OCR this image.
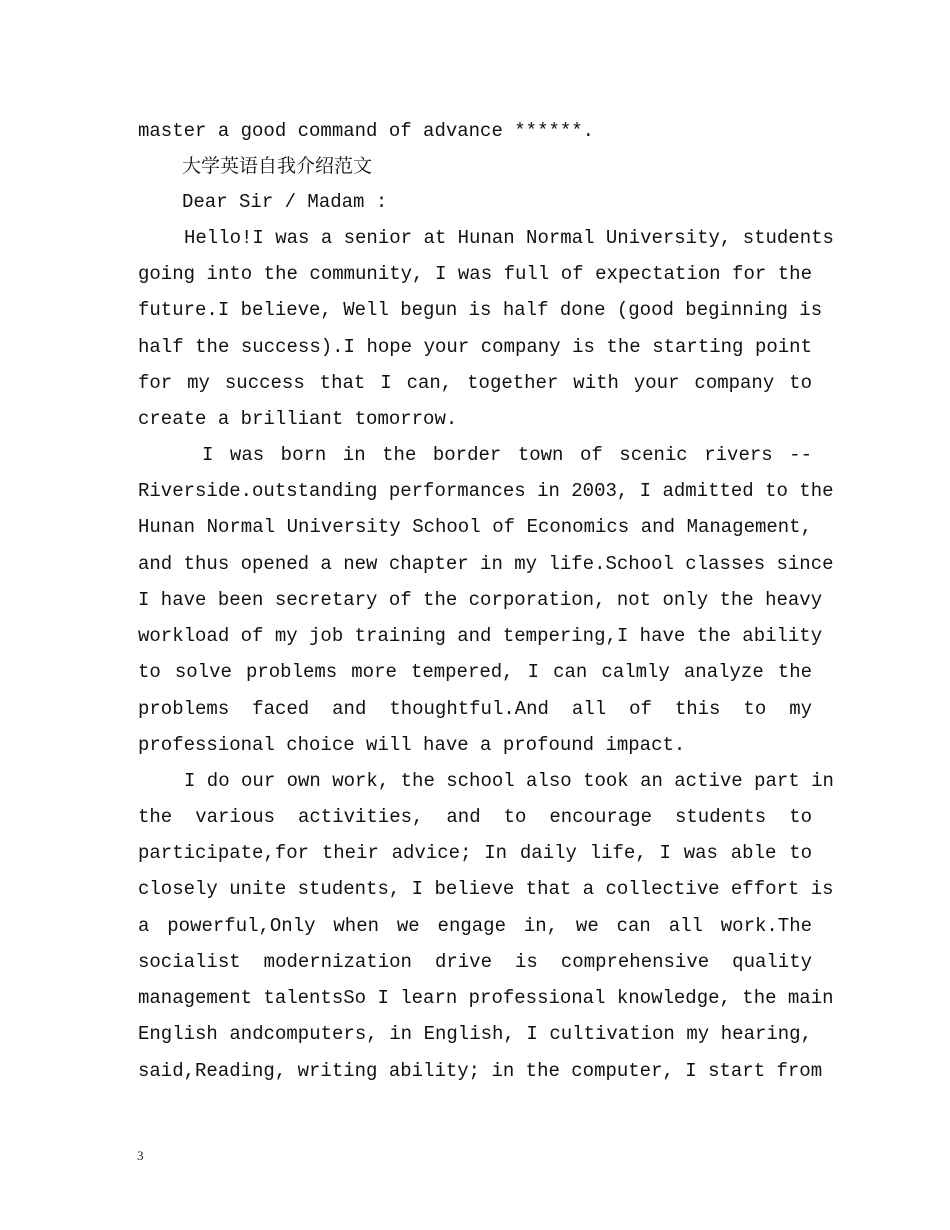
master a good command of advance ******.
大学英语自我介绍范文
Dear Sir / Madam :
Hello!I was a senior at Hunan Normal University, students
going into the community, I was full of expectation for the
future.I believe, Well begun is half done (good beginning is
half the success).I hope your company is the starting point
for my success that I can, together with your company to
create a brilliant tomorrow.
I was born in the border town of scenic rivers --
Riverside.outstanding performances in 2003, I admitted to the
Hunan Normal University School of Economics and Management,
and thus opened a new chapter in my life.School classes since
I have been secretary of the corporation, not only the heavy
workload of my job training and tempering,I have the ability
to solve problems more tempered, I can calmly analyze the
problems faced and thoughtful.And all of this to my
professional choice will have a profound impact.
I do our own work, the school also took an active part in
the various activities, and to encourage students to
participate,for their advice; In daily life, I was able to
closely unite students, I believe that a collective effort is
a powerful,Only when we engage in, we can all work.The
socialist modernization drive is comprehensive quality
management talentsSo I learn professional knowledge, the main
English andcomputers, in English, I cultivation my hearing,
said,Reading, writing ability; in the computer, I start from
3
